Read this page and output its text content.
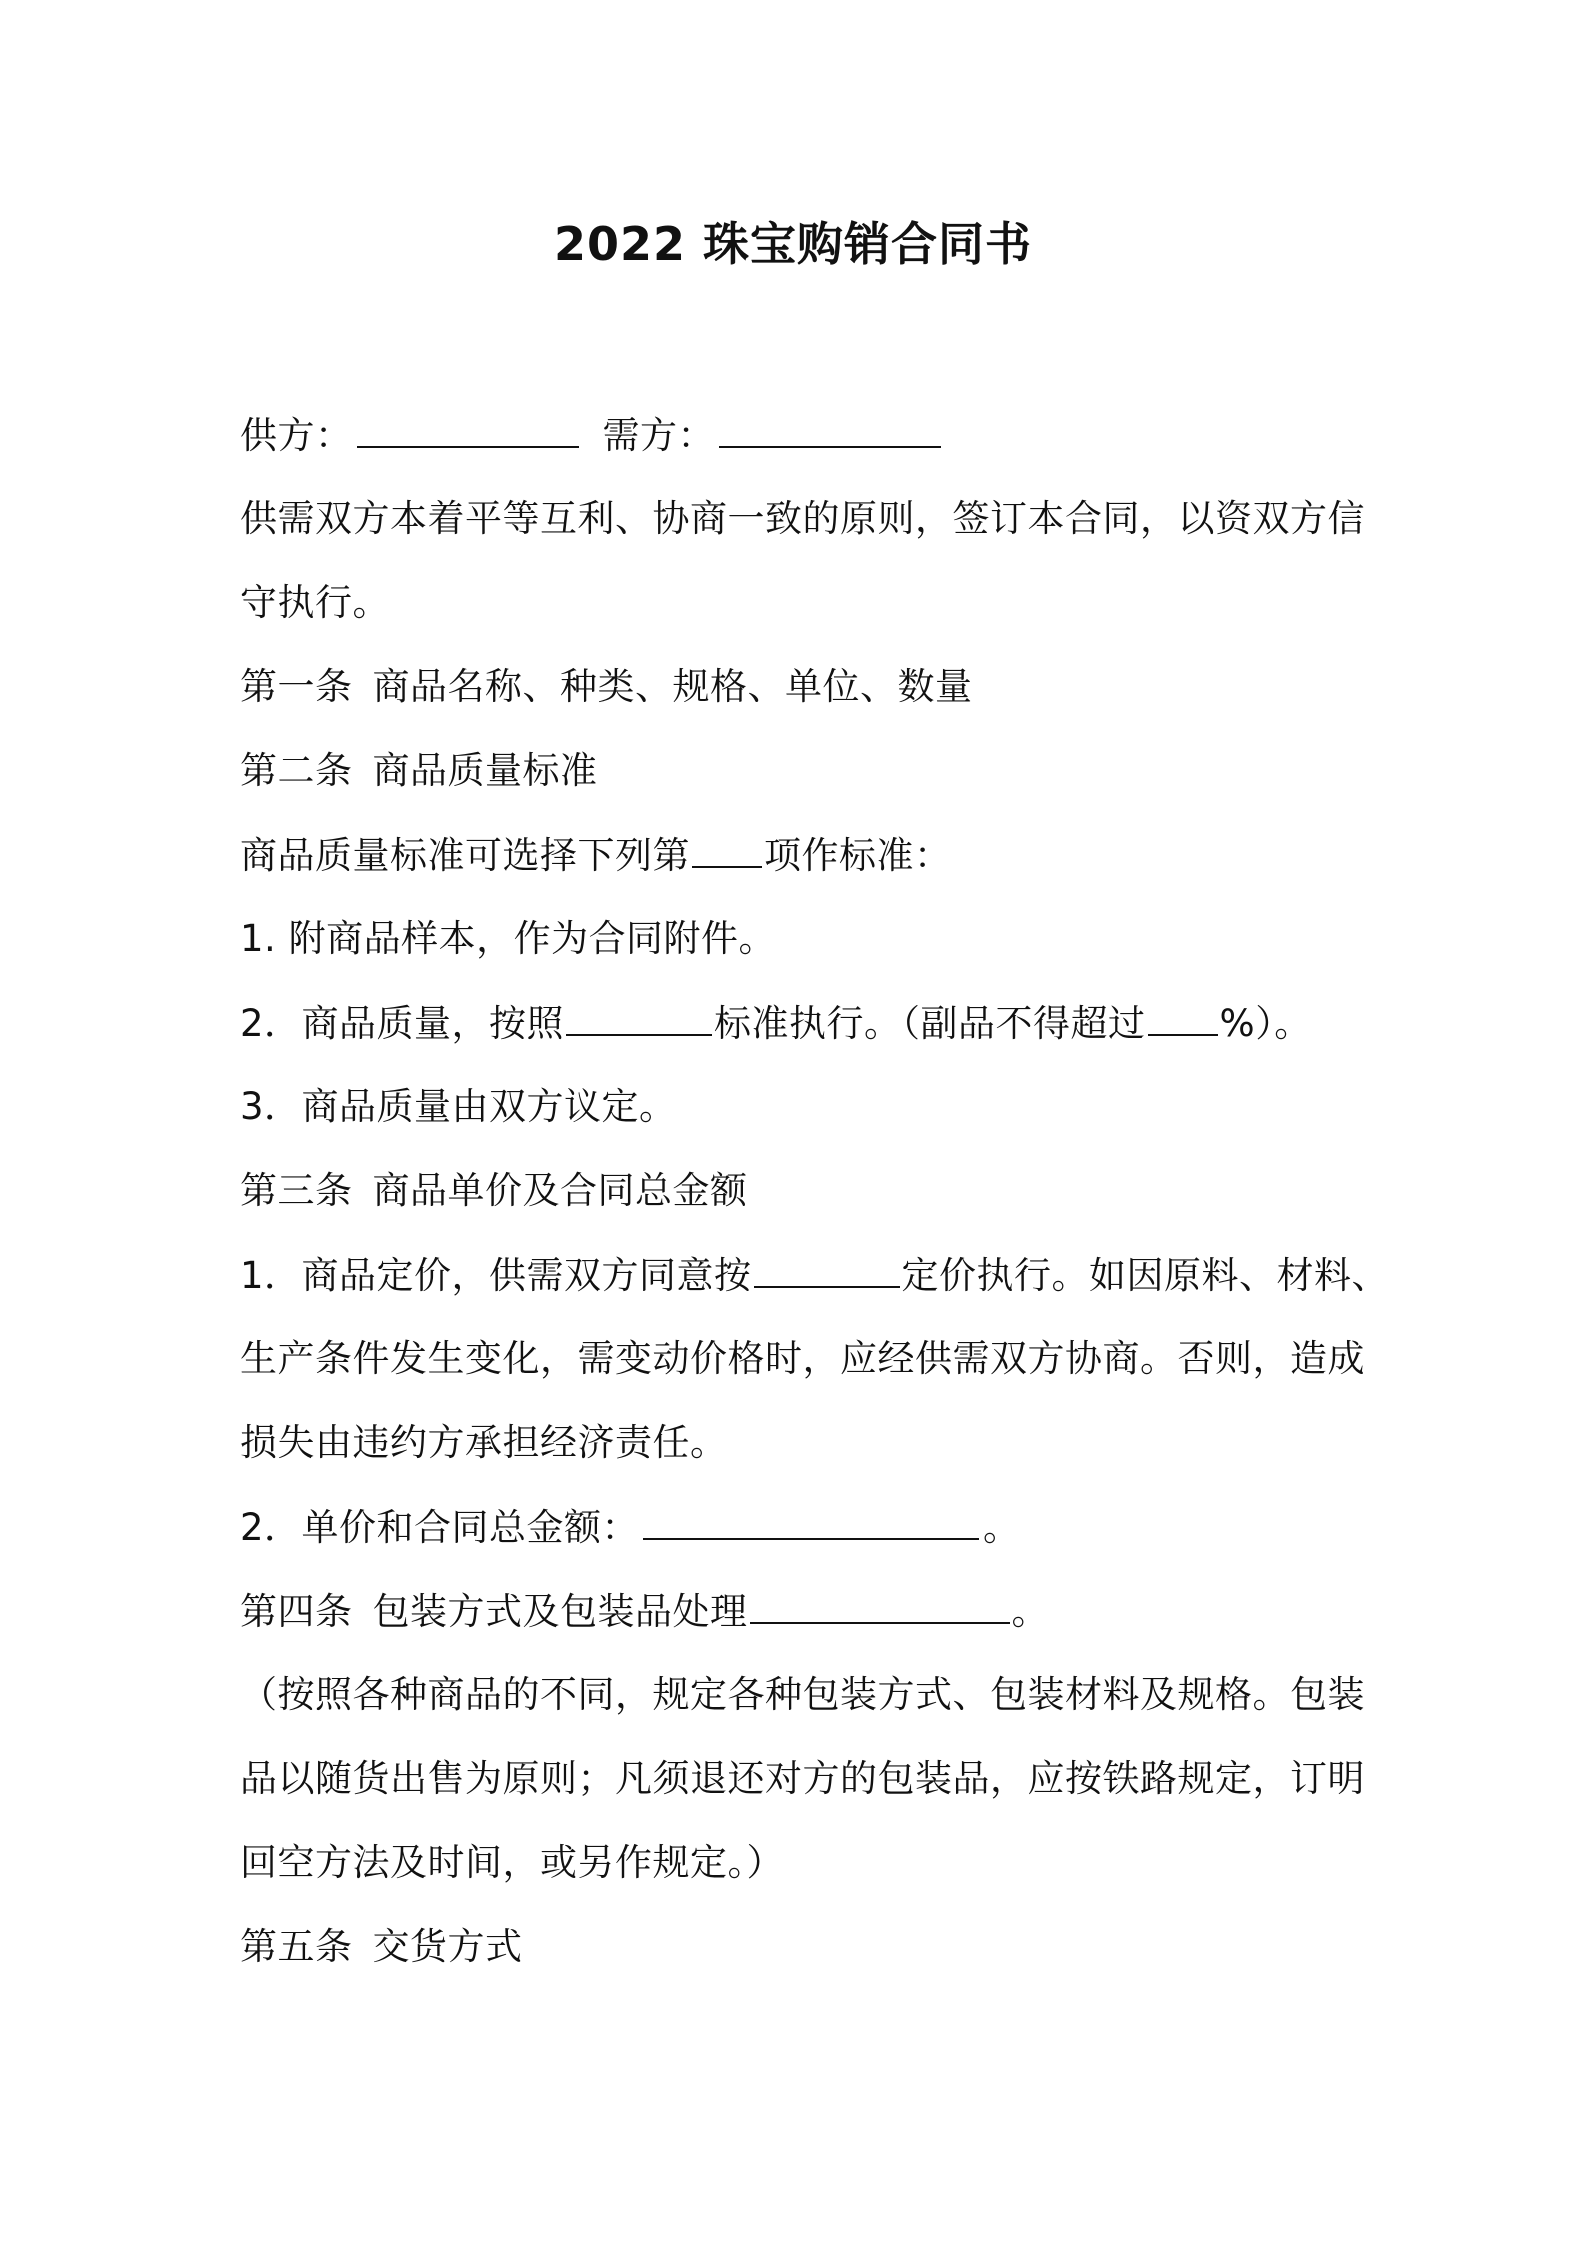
2022 珠宝购销合同书
供方：	需方：
供需双方本着平等互利、协商一致的原则，签订本合同，以资双方信
守执行。
第一条 商品名称、种类、规格、单位、数量
第二条 商品质量标准
商品质量标准可选择下列第 项作标准：
1. 附商品样本，作为合同附件。
2．商品质量，按照	标准执行。（副品不得超过 %）。
3．商品质量由双方议定。
第三条 商品单价及合同总金额
1．商品定价，供需双方同意按	定价执行。如因原料、材料、
生产条件发生变化，需变动价格时，应经供需双方协商。否则，造成
损失由违约方承担经济责任。
2．单价和合同总金额：	。
第四条 包装方式及包装品处理	。
（按照各种商品的不同，规定各种包装方式、包装材料及规格。包装
品以随货出售为原则；凡须退还对方的包装品，应按铁路规定，订明
回空方法及时间，或另作规定。）
第五条 交货方式
